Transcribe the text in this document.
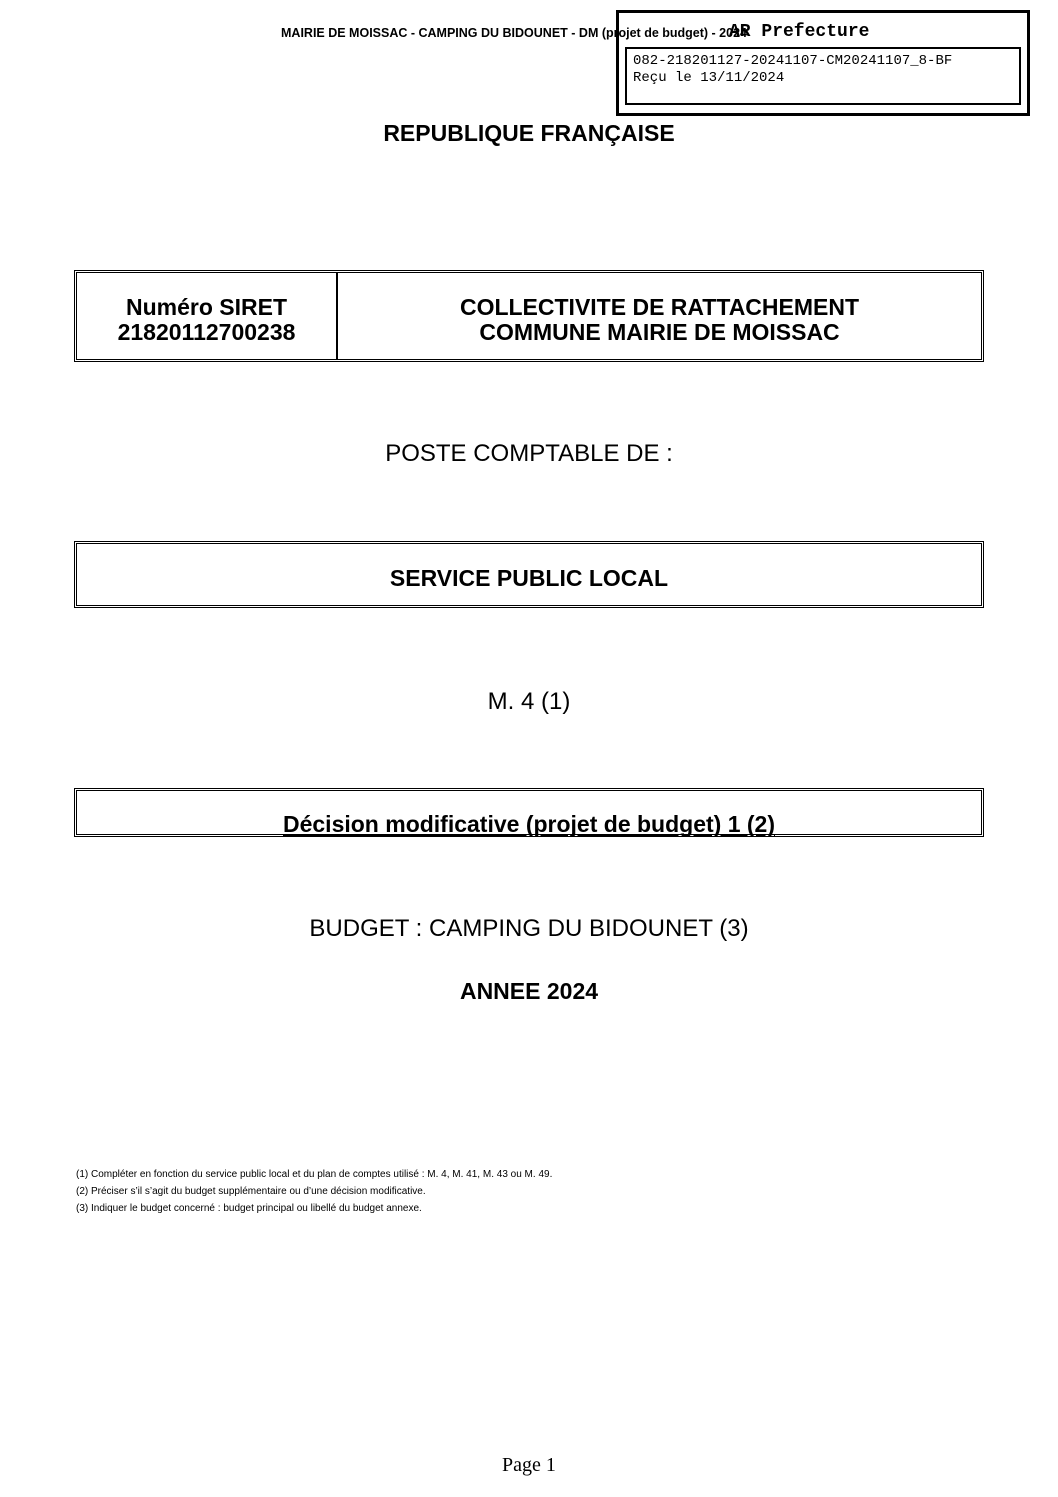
MAIRIE DE MOISSAC - CAMPING DU BIDOUNET - DM (projet de budget) - 2024
AR Prefecture
082-218201127-20241107-CM20241107_8-BF
Reçu le 13/11/2024
REPUBLIQUE FRANÇAISE
Numéro SIRET
21820112700238
COLLECTIVITE DE RATTACHEMENT
COMMUNE MAIRIE DE MOISSAC
POSTE COMPTABLE DE :
SERVICE PUBLIC LOCAL
M. 4 (1)
Décision modificative (projet de budget) 1 (2)
BUDGET : CAMPING DU BIDOUNET (3)
ANNEE 2024
(1) Compléter en fonction du service public local et du plan de comptes utilisé : M. 4, M. 41, M. 43 ou M. 49.
(2) Préciser s’il s’agit du budget supplémentaire ou d’une décision modificative.
(3) Indiquer le budget concerné : budget principal ou libellé du budget annexe.
Page 1
